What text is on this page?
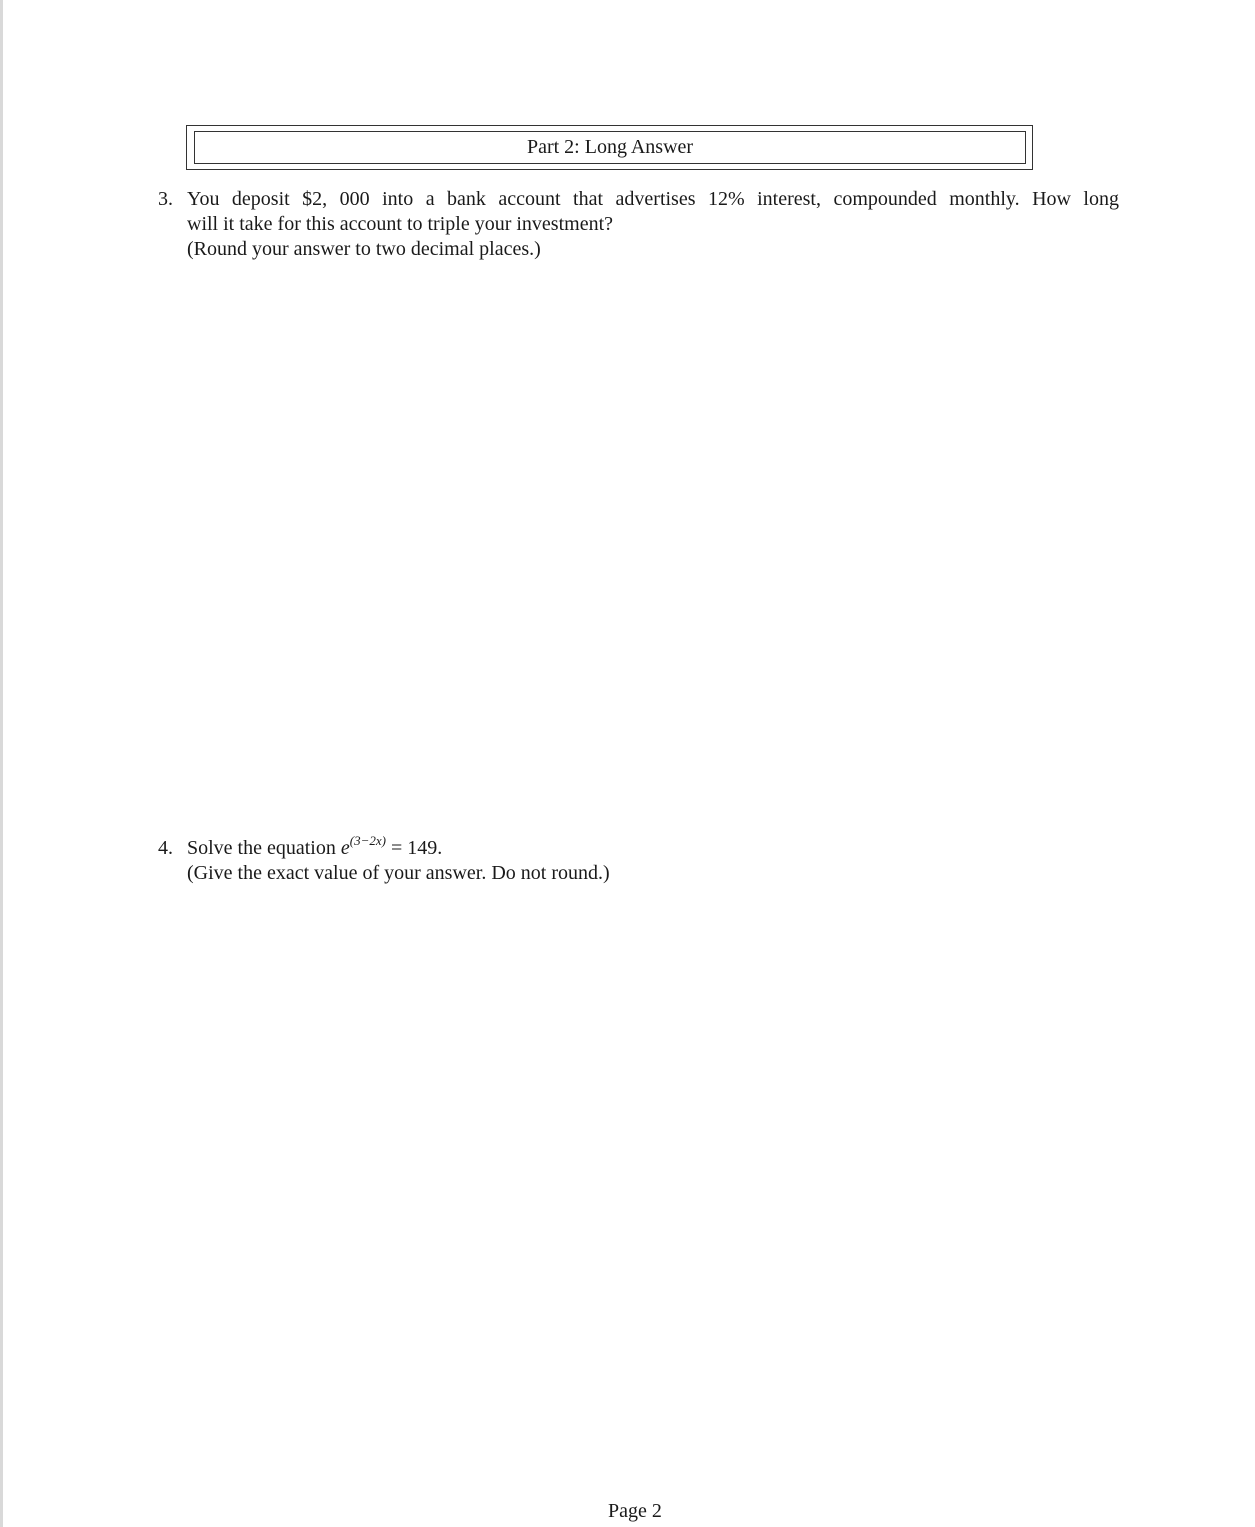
Part 2: Long Answer
3. You deposit $2, 000 into a bank account that advertises 12% interest, compounded monthly. How long
will it take for this account to triple your investment?
(Round your answer to two decimal places.)
4. Solve the equation $e^{(3-2x)} = 149$.
(Give the exact value of your answer. Do not round.)
Page 2
